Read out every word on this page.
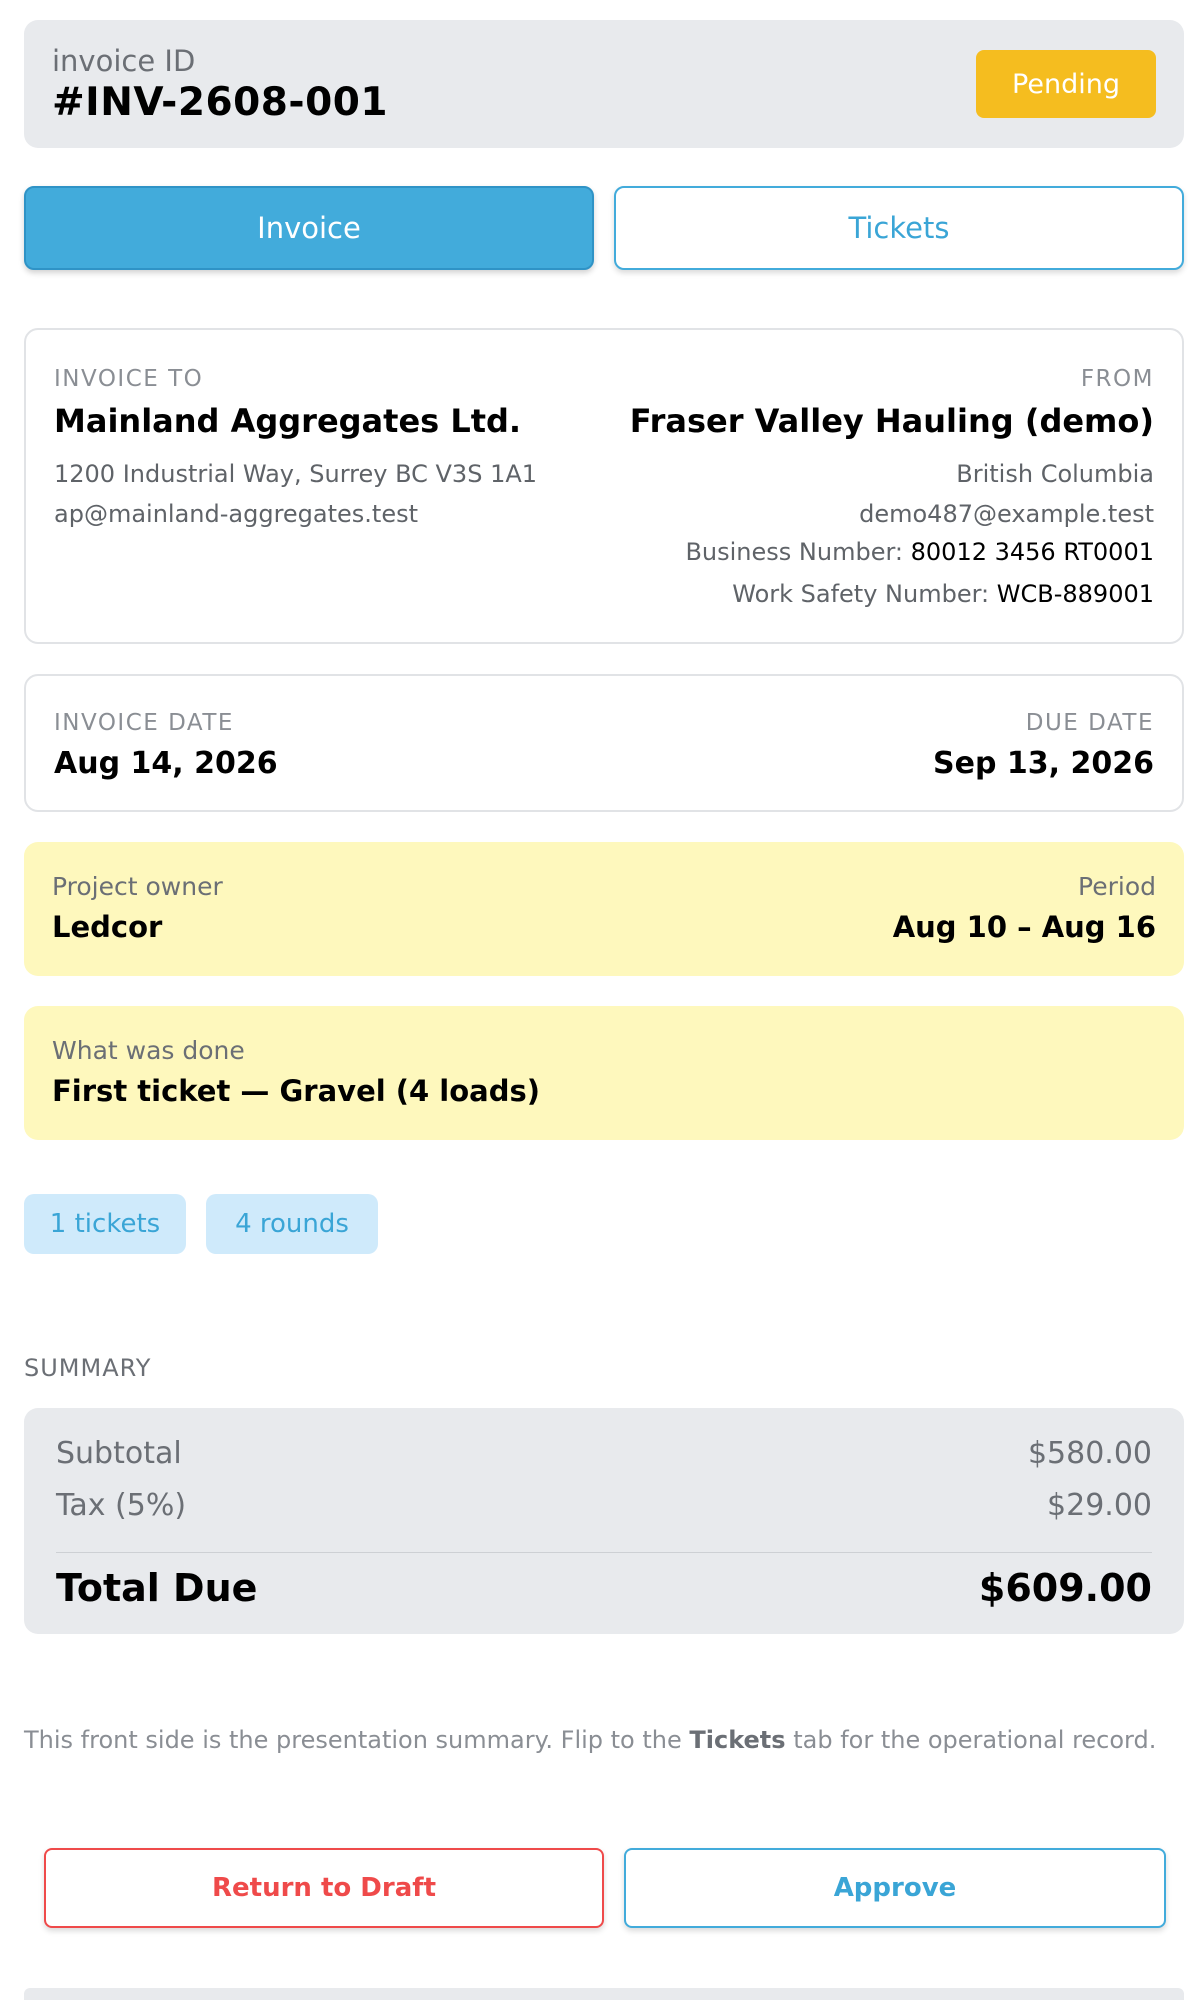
invoice ID
#INV-2608-001	Pending
Invoice	Tickets
INVOICE TO
Mainland Aggregates Ltd.
1200 Industrial Way, Surrey BC V3S 1A1
ap@mainland-aggregates.test
FROM
Fraser Valley Hauling (demo)
British Columbia
demo487@example.test
Business Number: 80012 3456 RT0001
Work Safety Number: WCB-889001
INVOICE DATE
Aug 14, 2026
DUE DATE
Sep 13, 2026
Project owner
Ledcor
Period
Aug 10 – Aug 16
What was done
First ticket — Gravel (4 loads)
1 tickets	4 rounds
SUMMARY
Subtotal	$580.00
Tax (5%)	$29.00
Total Due	$609.00
This front side is the presentation summary. Flip to the Tickets tab for the operational record.
Return to Draft	Approve
